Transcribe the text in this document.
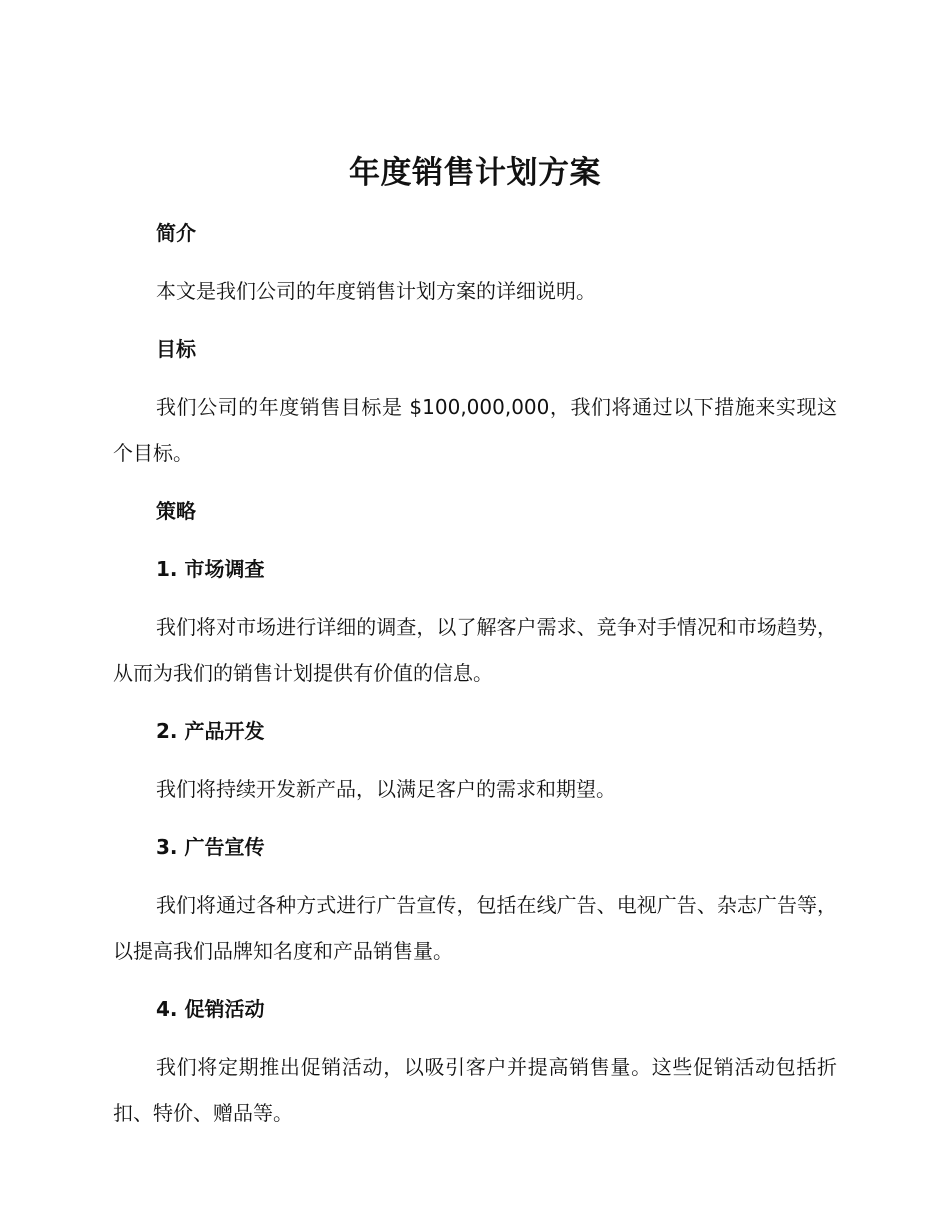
年度销售计划方案
简介

本文是我们公司的年度销售计划方案的详细说明。

目标

我们公司的年度销售目标是 $100,000,000，我们将通过以下措施来实现这个目标。

策略
1. 市场调查

我们将对市场进行详细的调查，以了解客户需求、竞争对手情况和市场趋势，从而为我们的销售计划提供有价值的信息。

2. 产品开发

我们将持续开发新产品，以满足客户的需求和期望。

3. 广告宣传

我们将通过各种方式进行广告宣传，包括在线广告、电视广告、杂志广告等，以提高我们品牌知名度和产品销售量。

4. 促销活动

我们将定期推出促销活动，以吸引客户并提高销售量。这些促销活动包括折扣、特价、赠品等。
